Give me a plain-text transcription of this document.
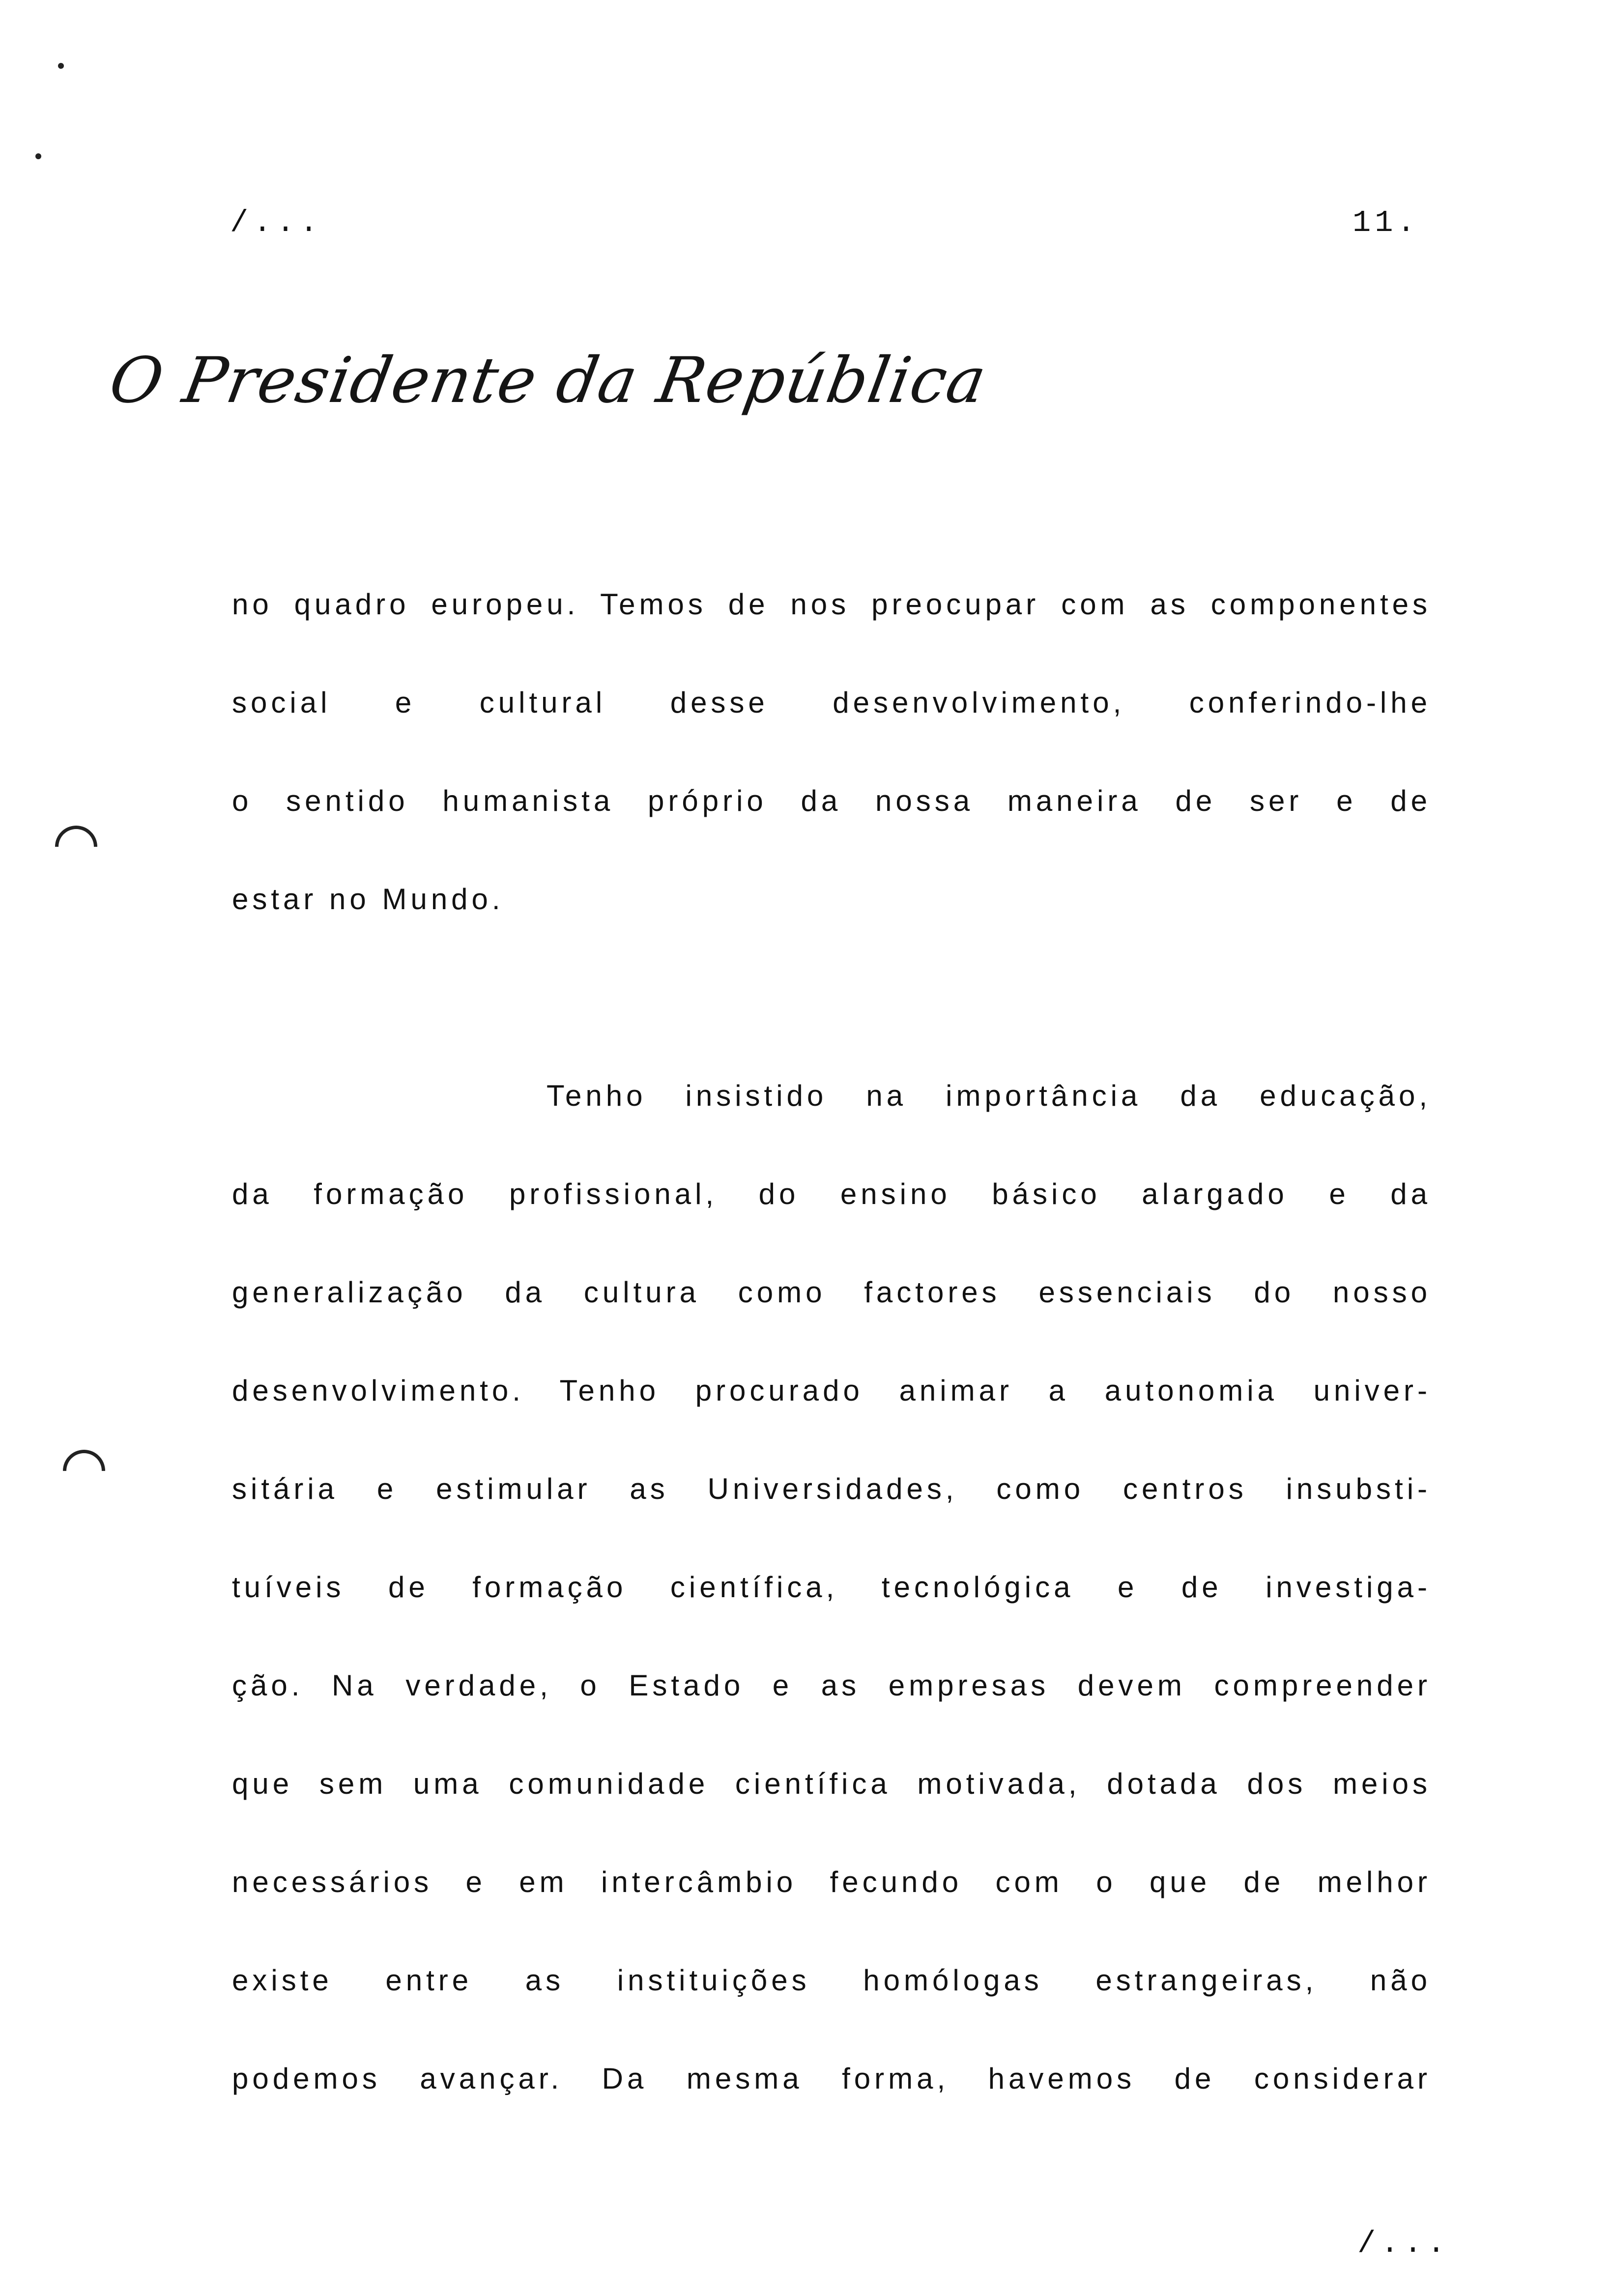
/...	11.
O Presidente da República
no quadro europeu. Temos de nos preocupar com as componentes
social e cultural desse desenvolvimento, conferindo-lhe
o sentido humanista próprio da nossa maneira de ser e de
estar no Mundo.
Tenho insistido na importância da educação,
da formação profissional, do ensino básico alargado e da
generalização da cultura como factores essenciais do nosso
desenvolvimento. Tenho procurado animar a autonomia univer-
sitária e estimular as Universidades, como centros insubsti-
tuíveis de formação científica, tecnológica e de investiga-
ção. Na verdade, o Estado e as empresas devem compreender
que sem uma comunidade científica motivada, dotada dos meios
necessários e em intercâmbio fecundo com o que de melhor
existe entre as instituições homólogas estrangeiras, não
podemos avançar. Da mesma forma, havemos de considerar
/...
